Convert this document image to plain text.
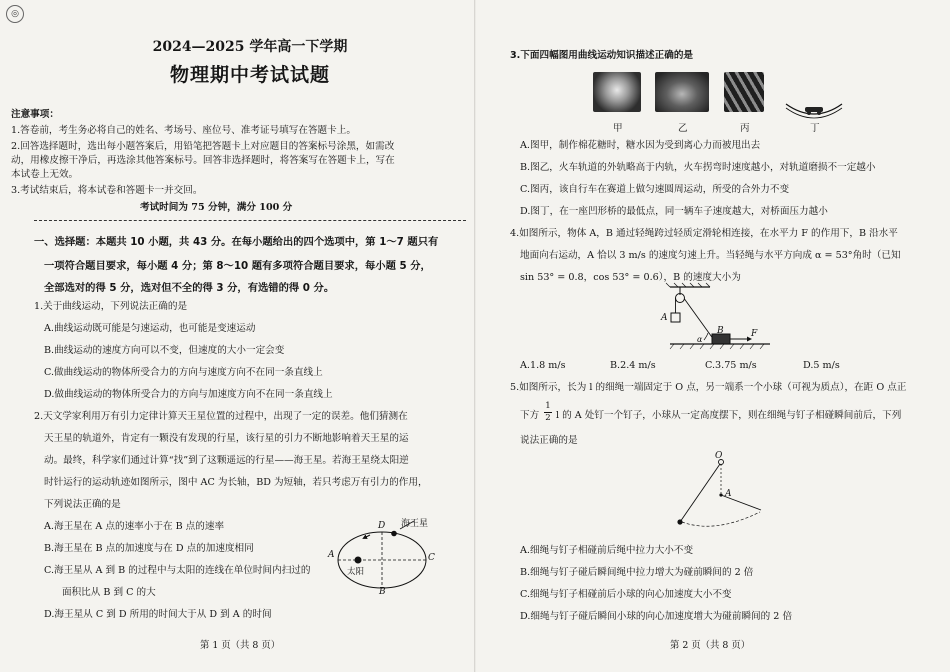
◎
2024—2025 学年高一下学期
物理期中考试试题
注意事项：
1.答卷前，考生务必将自己的姓名、考场号、座位号、准考证号填写在答题卡上。
2.回答选择题时，选出每小题答案后，用铅笔把答题卡上对应题目的答案标号涂黑，如需改
动，用橡皮擦干净后，再选涂其他答案标号。回答非选择题时，将答案写在答题卡上，写在
本试卷上无效。
3.考试结束后，将本试卷和答题卡一并交回。
考试时间为 75 分钟，满分 100 分
一、选择题：本题共 10 小题，共 43 分。在每小题给出的四个选项中，第 1～7 题只有
一项符合题目要求，每小题 4 分；第 8～10 题有多项符合题目要求，每小题 5 分，
全部选对的得 5 分，选对但不全的得 3 分，有选错的得 0 分。
1.关于曲线运动，下列说法正确的是
A.曲线运动既可能是匀速运动，也可能是变速运动
B.曲线运动的速度方向可以不变，但速度的大小一定会变
C.做曲线运动的物体所受合力的方向与速度方向不在同一条直线上
D.做曲线运动的物体所受合力的方向与加速度方向不在同一条直线上
2.天文学家利用万有引力定律计算天王星位置的过程中，出现了一定的误差。他们猜测在
天王星的轨道外，肯定有一颗没有发现的行星，该行星的引力不断地影响着天王星的运
动。最终，科学家们通过计算“找”到了这颗遥远的行星——海王星。若海王星绕太阳逆
时针运行的运动轨迹如图所示，图中 AC 为长轴，BD 为短轴，若只考虑万有引力的作用，
下列说法正确的是
A.海王星在 A 点的速率小于在 B 点的速率
B.海王星在 B 点的加速度与在 D 点的加速度相同
C.海王星从 A 到 B 的过程中与太阳的连线在单位时间内扫过的
面积比从 B 到 C 的大
D.海王星从 C 到 D 所用的时间大于从 D 到 A 的时间
海王星
太阳
A	C
D
B
第 1 页（共 8 页）
3.下面四幅图用曲线运动知识描述正确的是
甲	乙	丙	丁
A.图甲，制作棉花糖时，糖水因为受到离心力而被甩出去
B.图乙，火车轨道的外轨略高于内轨，火车拐弯时速度越小，对轨道磨损不一定越小
C.图丙，该自行车在赛道上做匀速圆周运动，所受的合外力不变
D.图丁，在一座凹形桥的最低点，同一辆车子速度越大，对桥面压力越小
4.如图所示，物体 A，B 通过轻绳跨过轻质定滑轮相连接，在水平力 F 的作用下，B 沿水平
地面向右运动，A 恰以 3 m/s 的速度匀速上升。当轻绳与水平方向成 α = 53°角时（已知
sin 53° = 0.8，cos 53° = 0.6），B 的速度大小为
A
B	F
α
A.1.8 m/s	B.2.4 m/s	C.3.75 m/s	D.5 m/s
5.如图所示，长为 l 的细绳一端固定于 O 点，另一端系一个小球（可视为质点），在距 O 点正
下方
1
2 l 的 A 处钉一个钉子，小球从一定高度摆下，则在细绳与钉子相碰瞬间前后，下列
说法正确的是
O
A
A.细绳与钉子相碰前后绳中拉力大小不变
B.细绳与钉子碰后瞬间绳中拉力增大为碰前瞬间的 2 倍
C.细绳与钉子相碰前后小球的向心加速度大小不变
D.细绳与钉子碰后瞬间小球的向心加速度增大为碰前瞬间的 2 倍
第 2 页（共 8 页）
